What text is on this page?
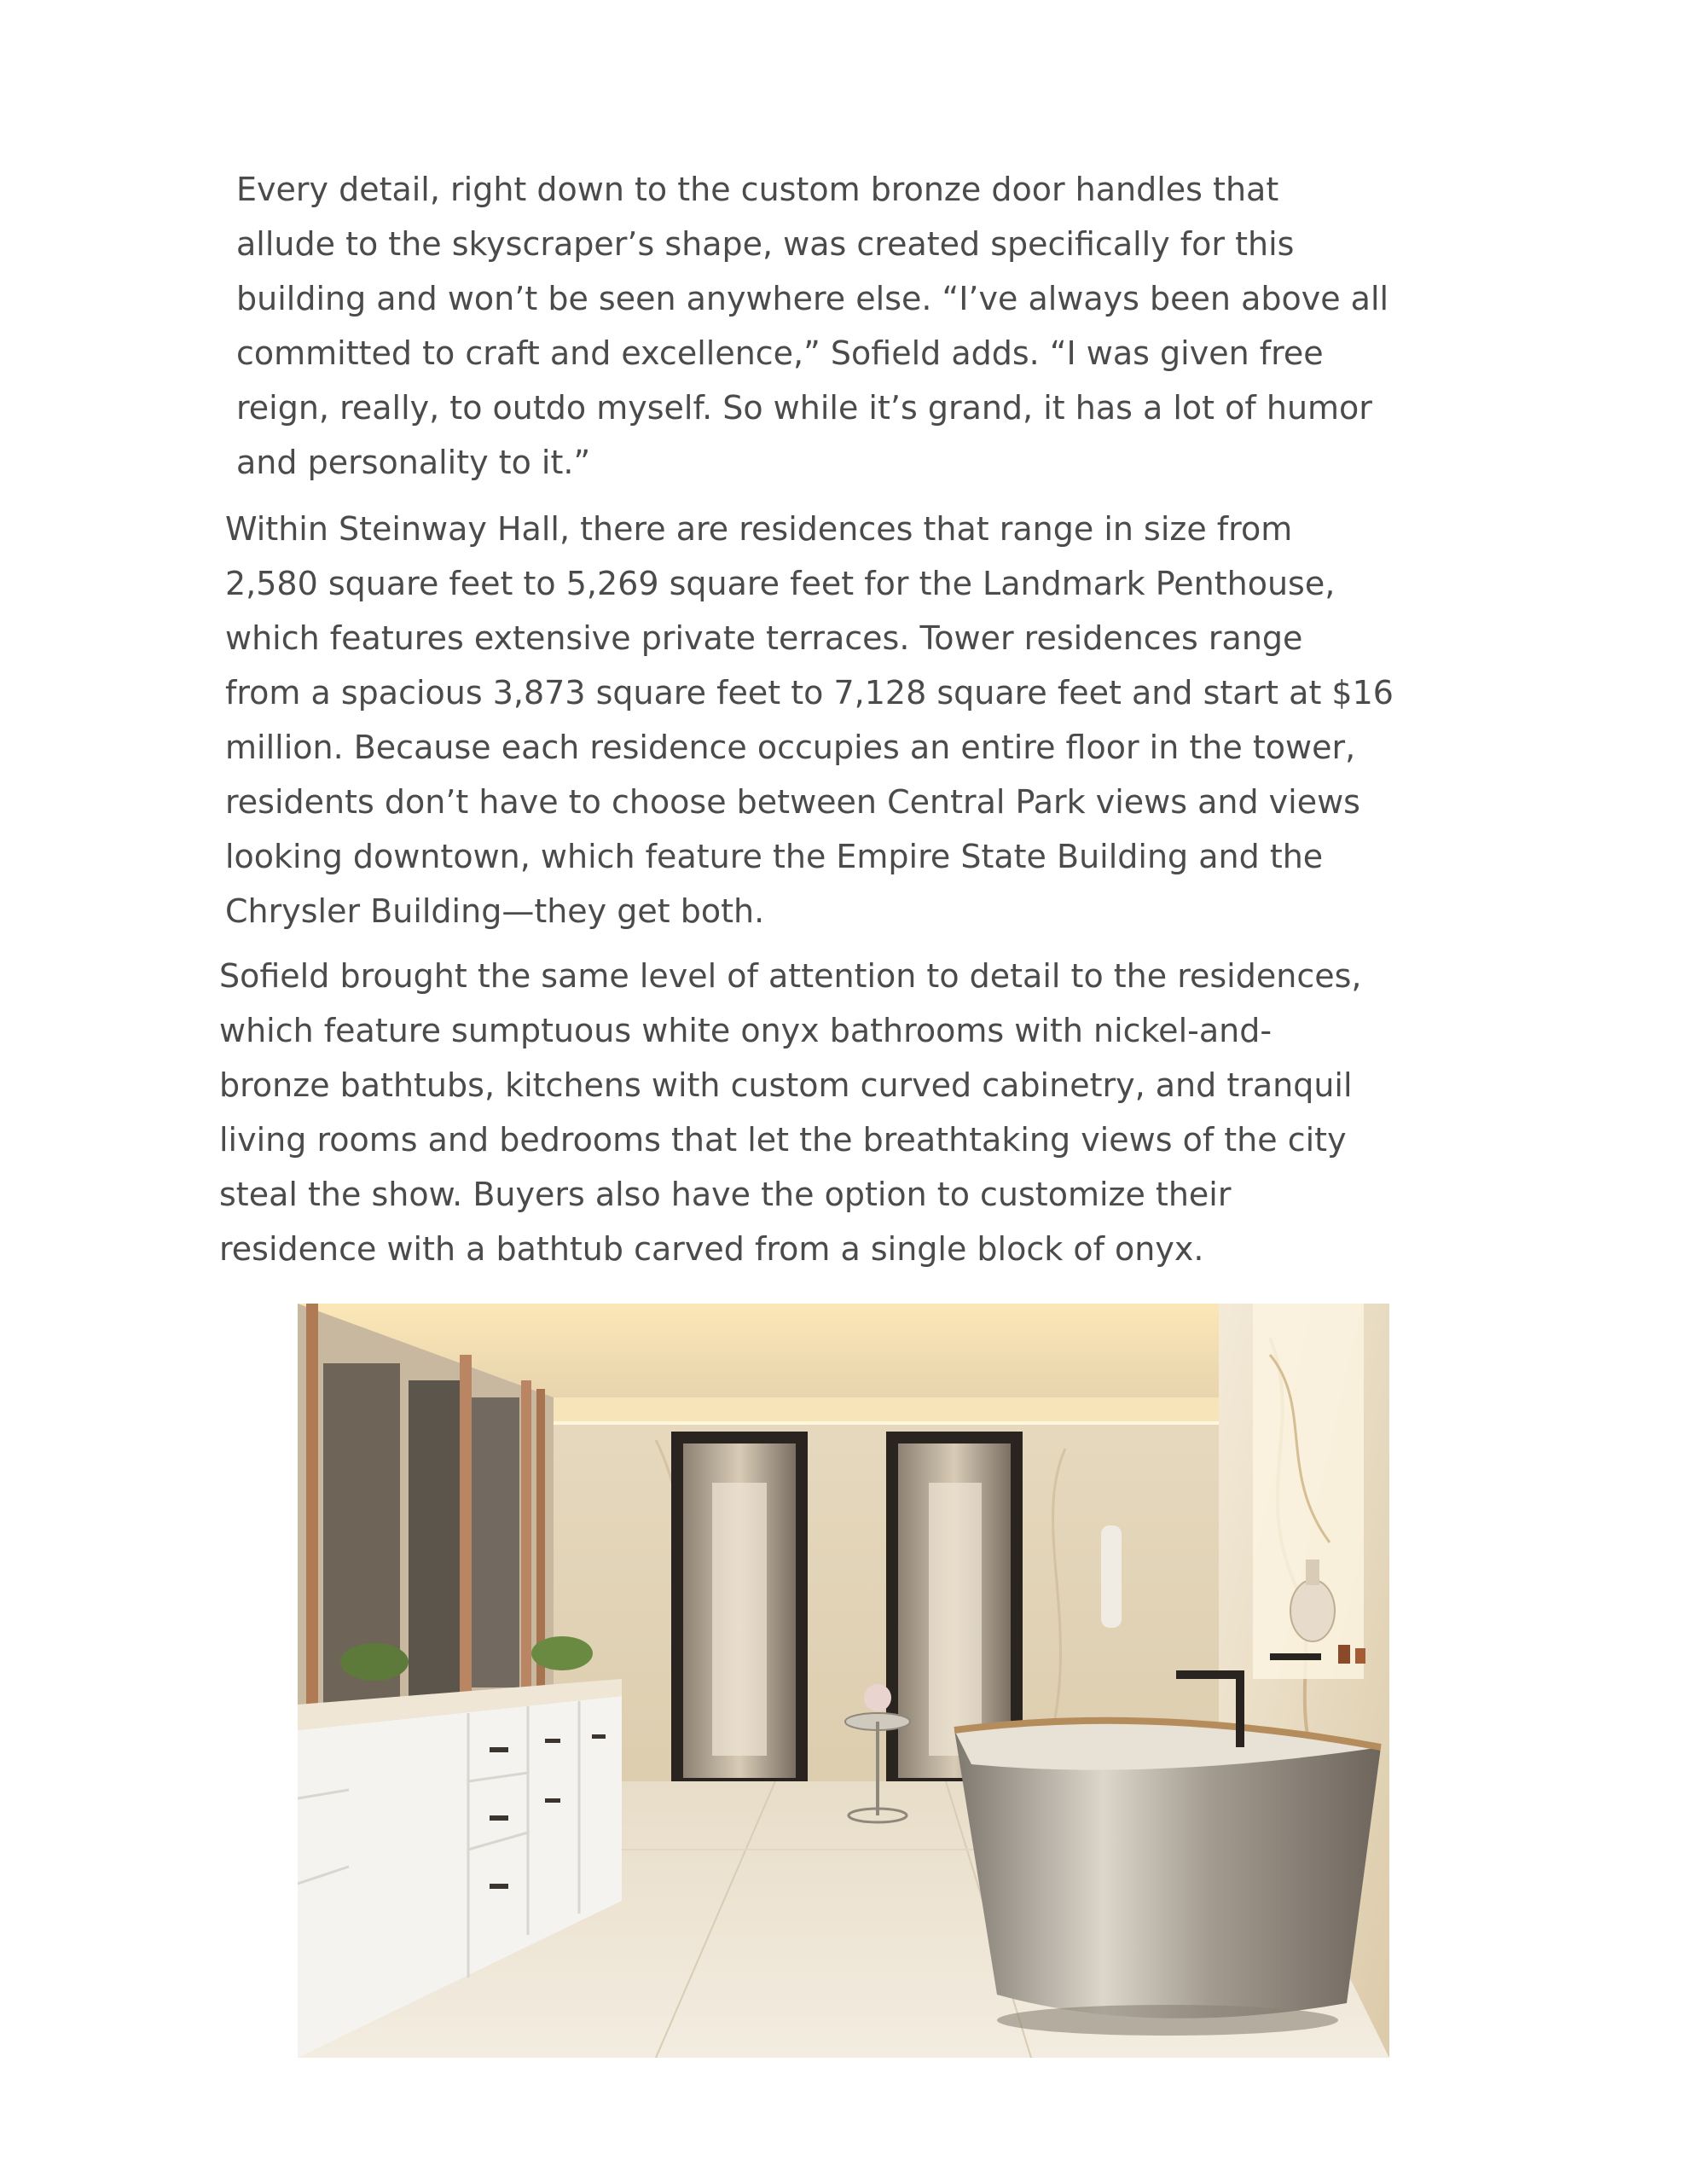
Every detail, right down to the custom bronze door handles that
allude to the skyscraper’s shape, was created specifically for this
building and won’t be seen anywhere else. “I’ve always been above all
committed to craft and excellence,” Sofield adds. “I was given free
reign, really, to outdo myself. So while it’s grand, it has a lot of humor
and personality to it.”
Within Steinway Hall, there are residences that range in size from
2,580 square feet to 5,269 square feet for the Landmark Penthouse,
which features extensive private terraces. Tower residences range
from a spacious 3,873 square feet to 7,128 square feet and start at $16
million. Because each residence occupies an entire floor in the tower,
residents don’t have to choose between Central Park views and views
looking downtown, which feature the Empire State Building and the
Chrysler Building—they get both.
Sofield brought the same level of attention to detail to the residences,
which feature sumptuous white onyx bathrooms with nickel-and-
bronze bathtubs, kitchens with custom curved cabinetry, and tranquil
living rooms and bedrooms that let the breathtaking views of the city
steal the show. Buyers also have the option to customize their
residence with a bathtub carved from a single block of onyx.
